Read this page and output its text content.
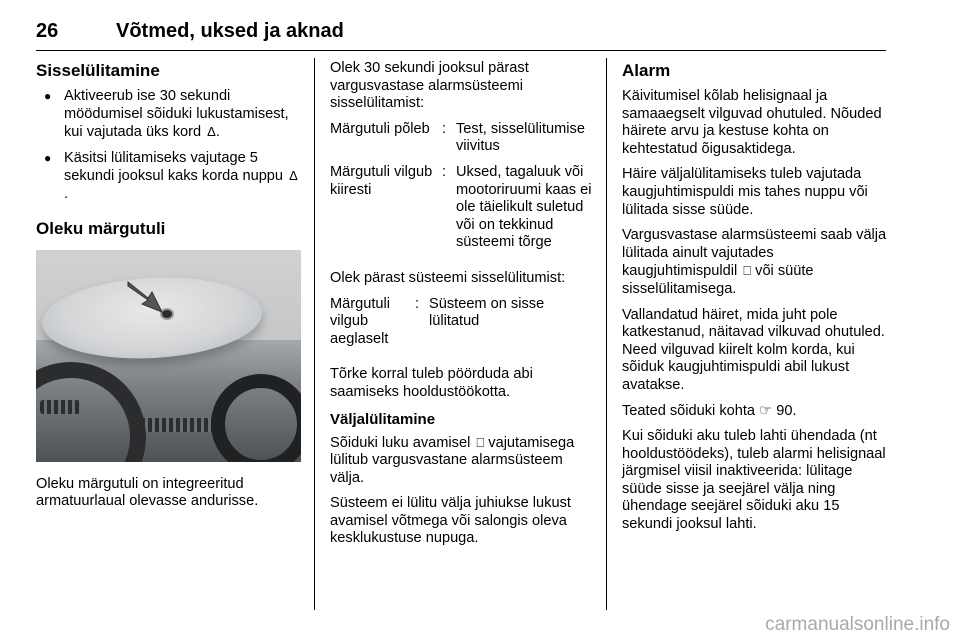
26	Võtmed, uksed ja aknad
Sisselülitamine
● Aktiveerub ise 30 sekundi möödumisel sõiduki lukustamisest, kui vajutada üks kord Δ.
● Käsitsi lülitamiseks vajutage 5 sekundi jooksul kaks korda nuppu Δ.
Oleku märgutuli

Oleku märgutuli on integreeritud armatuurlaual olevasse andurisse.

Olek 30 sekundi jooksul pärast vargusvastase alarmsüsteemi sisselülitamist:

Märgutuli põleb	:	Test, sisselülitumise viivitus
Märgutuli vilgub kiiresti	:	Uksed, tagaluuk või mootoriruumi kaas ei ole täielikult suletud või on tekkinud süsteemi tõrge

Olek pärast süsteemi sisselülitumist:

Märgutuli vilgub aeglaselt	:	Süsteem on sisse lülitatud

Tõrke korral tuleb pöörduda abi saamiseks hooldustöökotta.

Väljalülitamine

Sõiduki luku avamisel ⎕ vajutamisega lülitub vargusvastane alarmsüsteem välja.

Süsteem ei lülitu välja juhiukse lukust avamisel võtmega või salongis oleva kesklukustuse nupuga.

Alarm

Käivitumisel kõlab helisignaal ja samaaegselt vilguvad ohutuled. Nõuded häirete arvu ja kestuse kohta on kehtestatud õigusaktidega.

Häire väljalülitamiseks tuleb vajutada kaugjuhtimispuldi mis tahes nuppu või lülitada sisse süüde.

Vargusvastase alarmsüsteemi saab välja lülitada ainult vajutades kaugjuhtimispuldil ⎕ või süüte sisselülitamisega.

Vallandatud häiret, mida juht pole katkestanud, näitavad vilkuvad ohutuled. Need vilguvad kiirelt kolm korda, kui sõiduk kaugjuhtimispuldi abil lukust avatakse.

Teated sõiduki kohta ☞ 90.

Kui sõiduki aku tuleb lahti ühendada (nt hooldustöödeks), tuleb alarmi helisignaal järgmisel viisil inaktiveerida: lülitage süüde sisse ja seejärel välja ning ühendage seejärel sõiduki aku 15 sekundi jooksul lahti.

carmanualsonline.info
